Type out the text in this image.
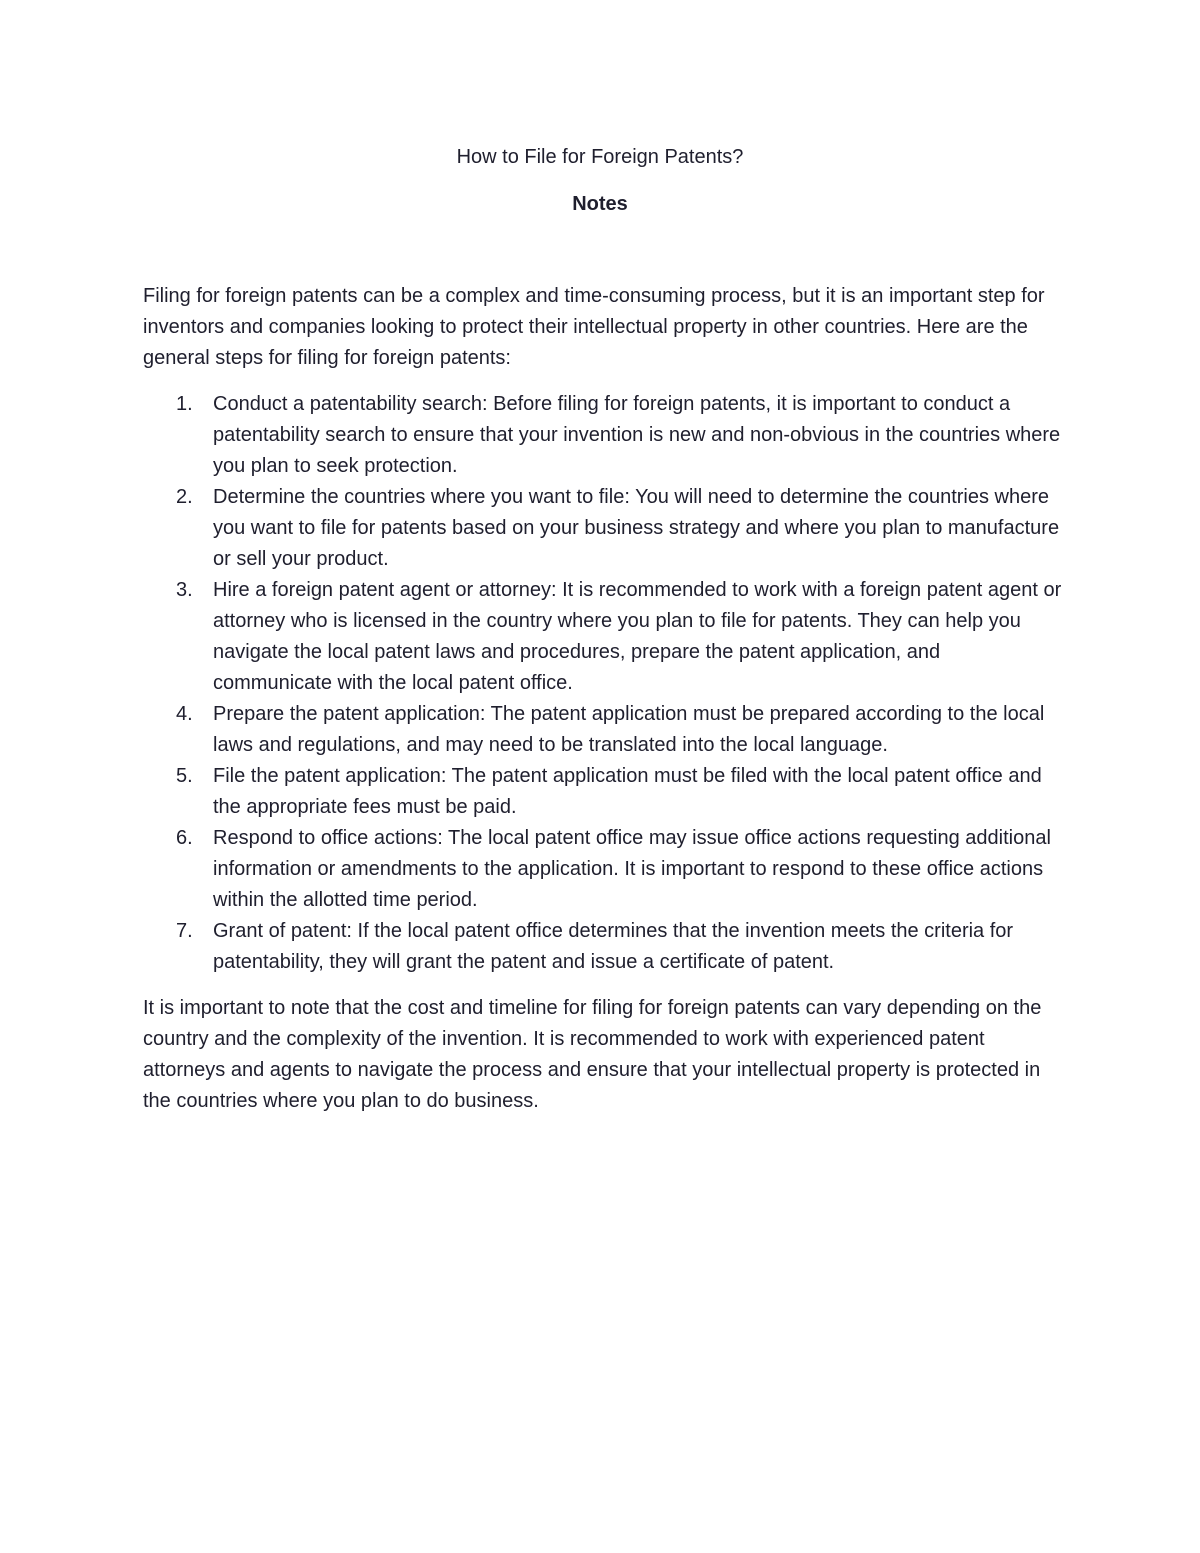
How to File for Foreign Patents?
Notes

Filing for foreign patents can be a complex and time-consuming process, but it is an important step for inventors and companies looking to protect their intellectual property in other countries. Here are the general steps for filing for foreign patents:

1. Conduct a patentability search: Before filing for foreign patents, it is important to conduct a patentability search to ensure that your invention is new and non-obvious in the countries where you plan to seek protection.
2. Determine the countries where you want to file: You will need to determine the countries where you want to file for patents based on your business strategy and where you plan to manufacture or sell your product.
3. Hire a foreign patent agent or attorney: It is recommended to work with a foreign patent agent or attorney who is licensed in the country where you plan to file for patents. They can help you navigate the local patent laws and procedures, prepare the patent application, and communicate with the local patent office.
4. Prepare the patent application: The patent application must be prepared according to the local laws and regulations, and may need to be translated into the local language.
5. File the patent application: The patent application must be filed with the local patent office and the appropriate fees must be paid.
6. Respond to office actions: The local patent office may issue office actions requesting additional information or amendments to the application. It is important to respond to these office actions within the allotted time period.
7. Grant of patent: If the local patent office determines that the invention meets the criteria for patentability, they will grant the patent and issue a certificate of patent.

It is important to note that the cost and timeline for filing for foreign patents can vary depending on the country and the complexity of the invention. It is recommended to work with experienced patent attorneys and agents to navigate the process and ensure that your intellectual property is protected in the countries where you plan to do business.
